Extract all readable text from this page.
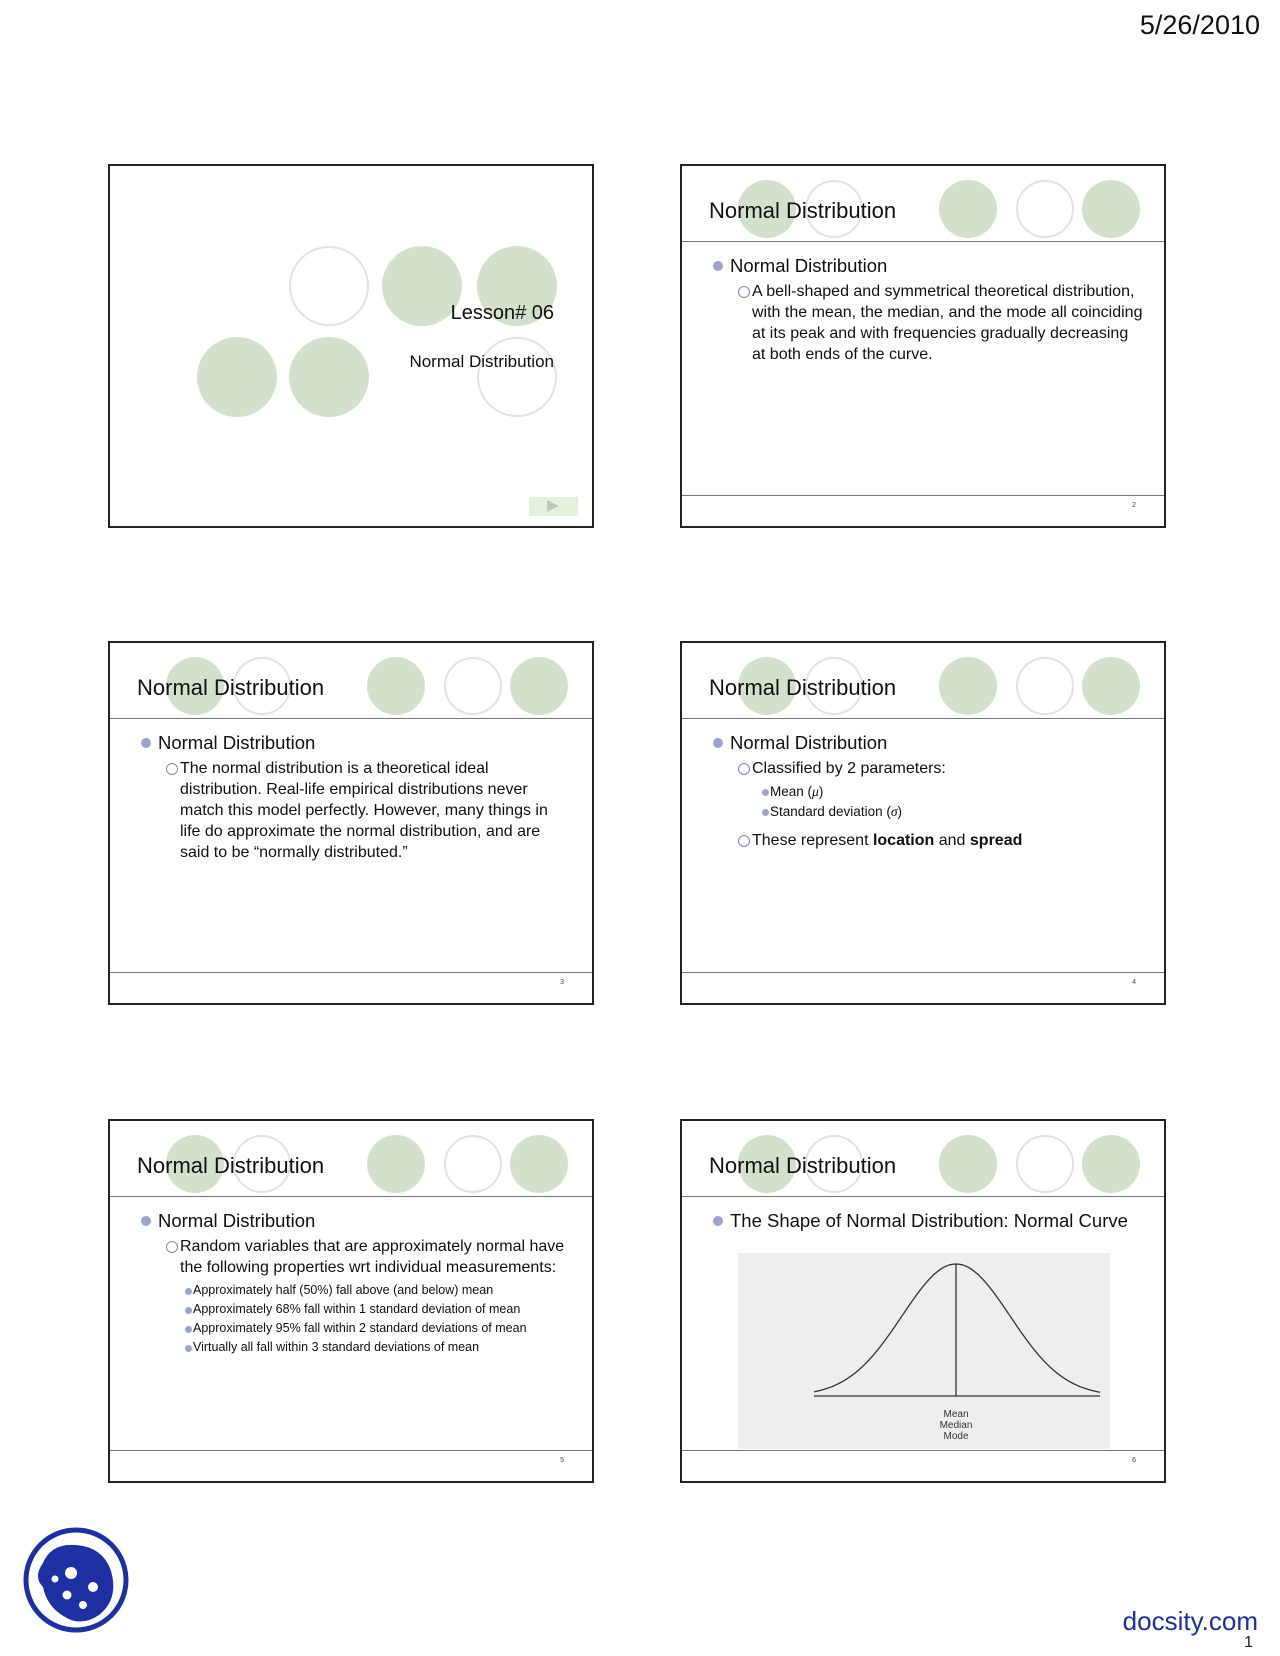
5/26/2010
Lesson# 06
Normal Distribution
Normal Distribution
Normal Distribution
A bell-shaped and symmetrical theoretical distribution, with the mean, the median, and the mode all coinciding at its peak and with frequencies gradually decreasing at both ends of the curve.
2
Normal Distribution
Normal Distribution
The normal distribution is a theoretical ideal distribution. Real-life empirical distributions never match this model perfectly. However, many things in life do approximate the normal distribution, and are said to be “normally distributed.”
3
Normal Distribution
Normal Distribution
Classified by 2 parameters:
Mean (μ)
Standard deviation (σ)
These represent location and spread
4
Normal Distribution
Normal Distribution
Random variables that are approximately normal have the following properties wrt individual measurements:
Approximately half (50%) fall above (and below) mean
Approximately 68% fall within 1 standard deviation of mean
Approximately 95% fall within 2 standard deviations of mean
Virtually all fall within 3 standard deviations of mean
5
Normal Distribution
The Shape of Normal Distribution: Normal Curve
Mean
Median
Mode
6
docsity.com
1
